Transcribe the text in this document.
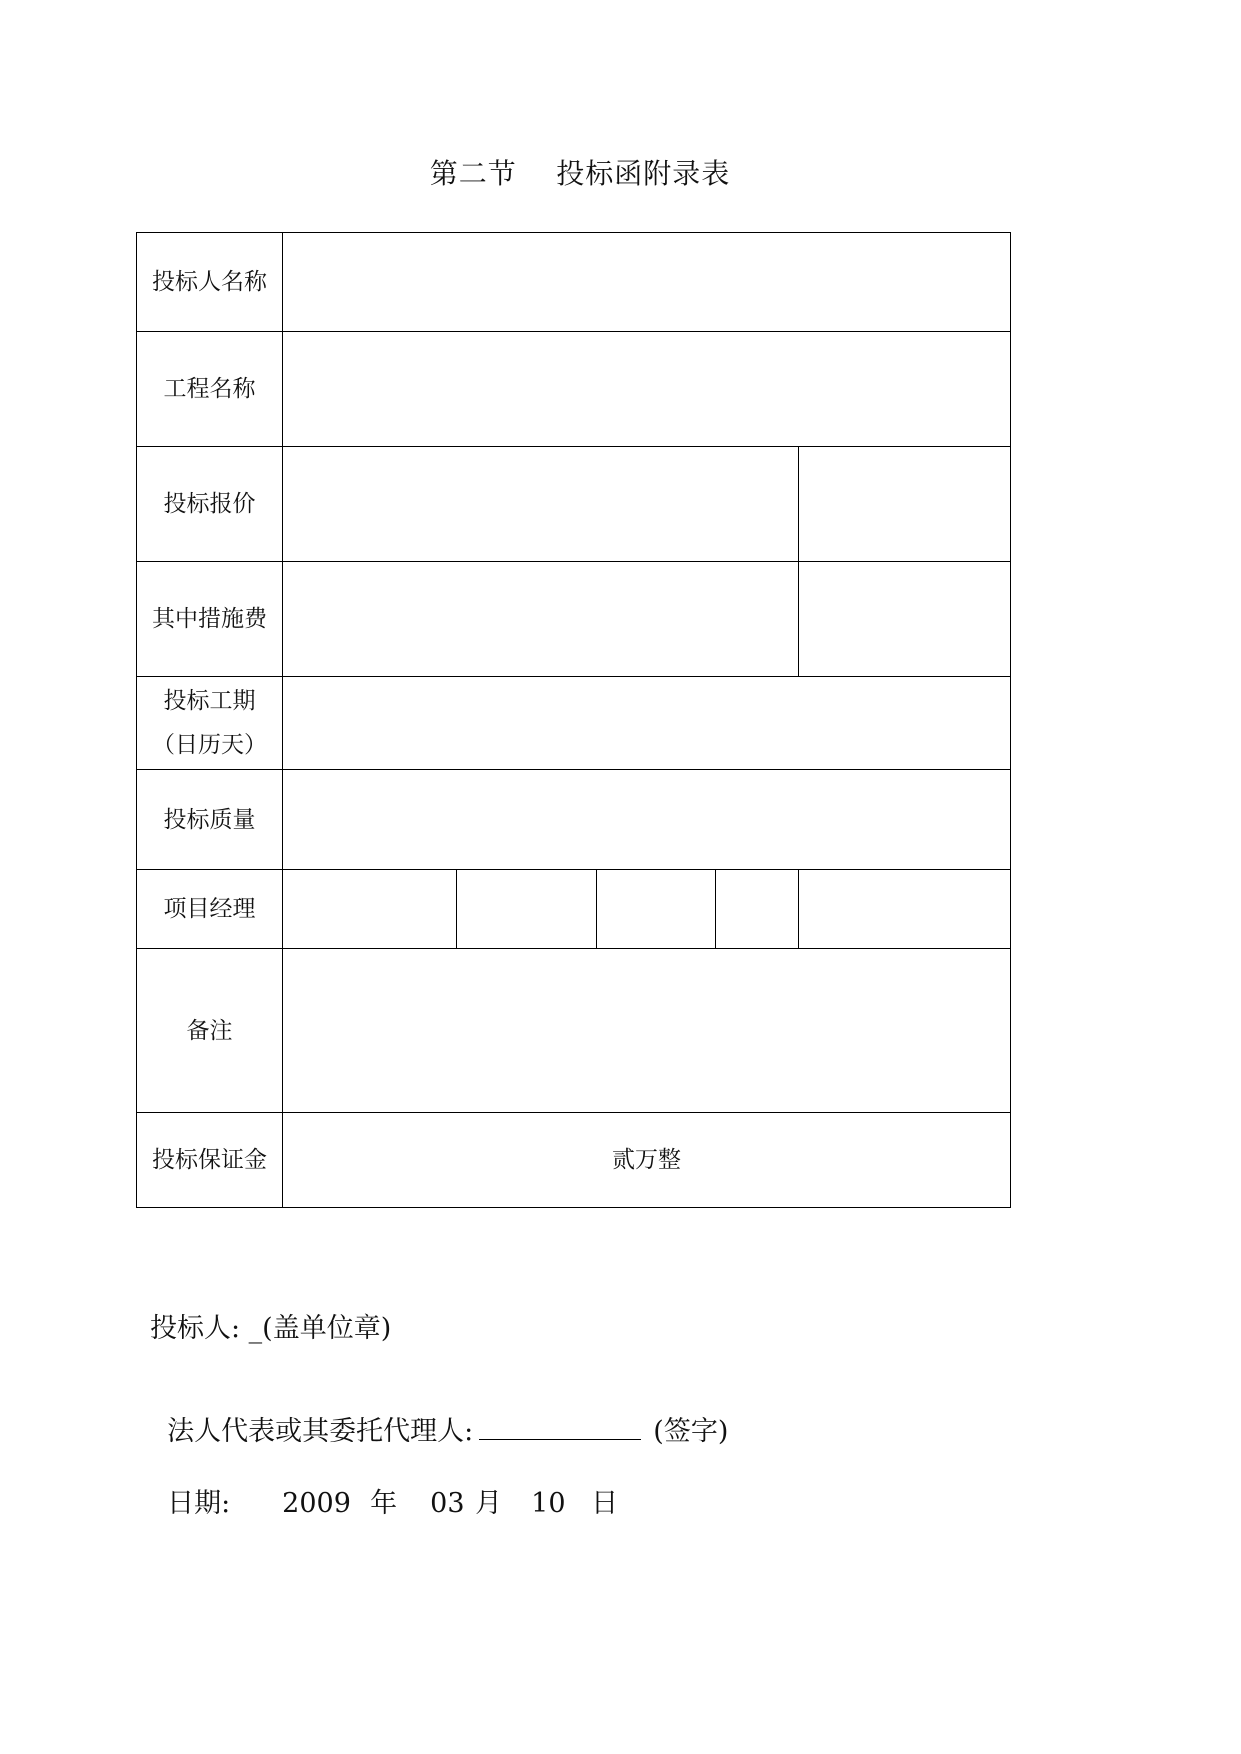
第二节    投标函附录表
投标人名称					
工程名称					
投标报价					
其中措施费					
投标工期（日历天）					
投标质量					
项目经理					
备注					
投标保证金	贰万整				
投标人: _(盖单位章)

法人代表或其委托代理人:	(签字)

日期: 2009 年 03 月 10 日
